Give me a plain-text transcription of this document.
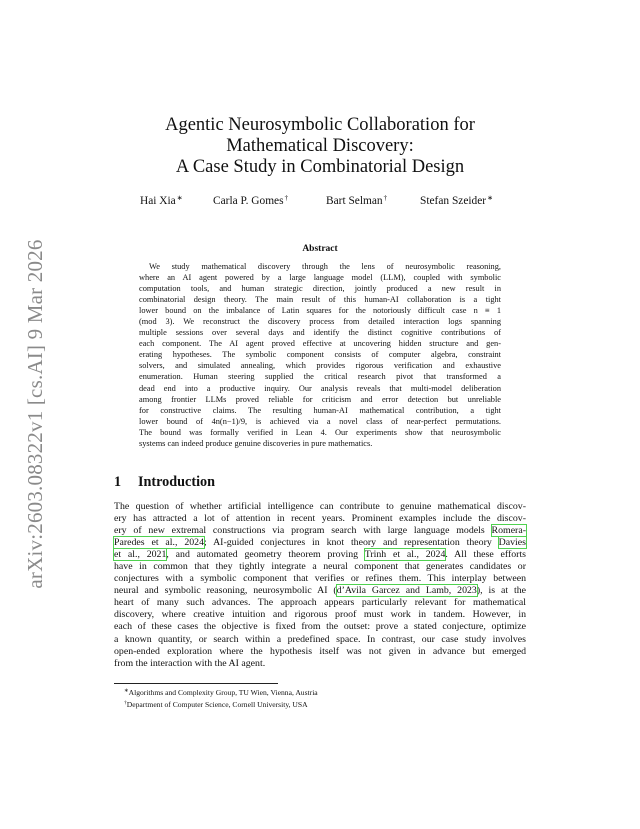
arXiv:2603.08322v1 [cs.AI] 9 Mar 2026
Agentic Neurosymbolic Collaboration for
Mathematical Discovery:
A Case Study in Combinatorial Design
Hai Xia∗	Carla P. Gomes†	Bart Selman†	Stefan Szeider∗
Abstract
We study mathematical discovery through the lens of neurosymbolic reasoning,
where an AI agent powered by a large language model (LLM), coupled with symbolic
computation tools, and human strategic direction, jointly produced a new result in
combinatorial design theory. The main result of this human-AI collaboration is a tight
lower bound on the imbalance of Latin squares for the notoriously difficult case n ≡ 1
(mod 3). We reconstruct the discovery process from detailed interaction logs spanning
multiple sessions over several days and identify the distinct cognitive contributions of
each component. The AI agent proved effective at uncovering hidden structure and gen-
erating hypotheses. The symbolic component consists of computer algebra, constraint
solvers, and simulated annealing, which provides rigorous verification and exhaustive
enumeration. Human steering supplied the critical research pivot that transformed a
dead end into a productive inquiry. Our analysis reveals that multi-model deliberation
among frontier LLMs proved reliable for criticism and error detection but unreliable
for constructive claims. The resulting human-AI mathematical contribution, a tight
lower bound of 4n(n−1)/9, is achieved via a novel class of near-perfect permutations.
The bound was formally verified in Lean 4. Our experiments show that neurosymbolic
systems can indeed produce genuine discoveries in pure mathematics.
1 Introduction
The question of whether artificial intelligence can contribute to genuine mathematical discov-
ery has attracted a lot of attention in recent years. Prominent examples include the discov-
ery of new extremal constructions via program search with large language models Romera-
Paredes et al., 2024; AI-guided conjectures in knot theory and representation theory Davies
et al., 2021, and automated geometry theorem proving Trinh et al., 2024. All these efforts
have in common that they tightly integrate a neural component that generates candidates or
conjectures with a symbolic component that verifies or refines them. This interplay between
neural and symbolic reasoning, neurosymbolic AI (d’Avila Garcez and Lamb, 2023), is at the
heart of many such advances. The approach appears particularly relevant for mathematical
discovery, where creative intuition and rigorous proof must work in tandem. However, in
each of these cases the objective is fixed from the outset: prove a stated conjecture, optimize
a known quantity, or search within a predefined space. In contrast, our case study involves
open-ended exploration where the hypothesis itself was not given in advance but emerged
from the interaction with the AI agent.
∗Algorithms and Complexity Group, TU Wien, Vienna, Austria
†Department of Computer Science, Cornell University, USA
